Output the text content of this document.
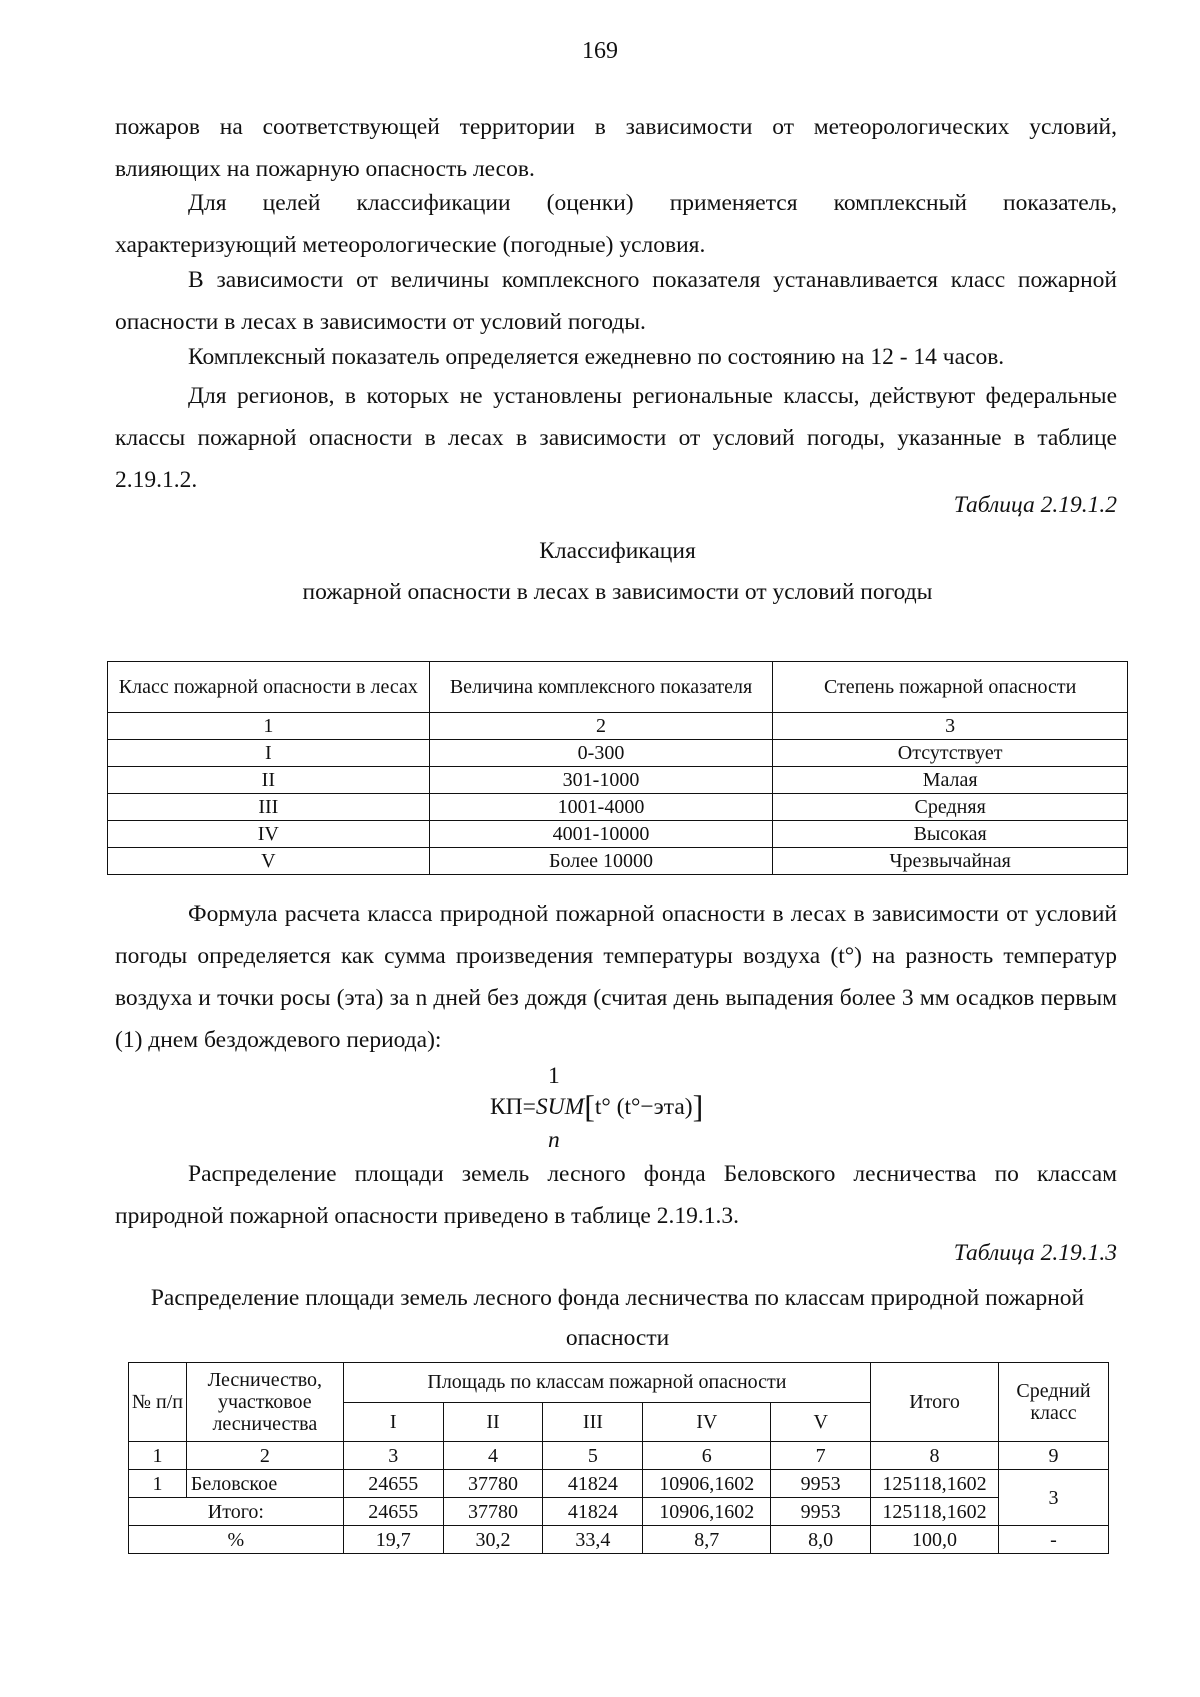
169

пожаров на соответствующей территории в зависимости от метеорологических условий, влияющих на пожарную опасность лесов.

Для целей классификации (оценки) применяется комплексный показатель, характеризующий метеорологические (погодные) условия.

В зависимости от величины комплексного показателя устанавливается класс пожарной опасности в лесах в зависимости от условий погоды.

Комплексный показатель определяется ежедневно по состоянию на 12 - 14 часов.

Для регионов, в которых не установлены региональные классы, действуют федеральные классы пожарной опасности в лесах в зависимости от условий погоды, указанные в таблице 2.19.1.2.

Таблица 2.19.1.2
Классификация
пожарной опасности в лесах в зависимости от условий погоды
Класс пожарной опасности в лесах	Величина комплексного показателя	Степень пожарной опасности
1	2	3
I	0-300	Отсутствует
II	301-1000	Малая
III	1001-4000	Средняя
IV	4001-10000	Высокая
V	Более 10000	Чрезвычайная

Формула расчета класса природной пожарной опасности в лесах в зависимости от условий погоды определяется как сумма произведения температуры воздуха (t°) на разность температур воздуха и точки росы (эта) за n дней без дождя (считая день выпадения более 3 мм осадков первым (1) днем бездождевого периода):

1
КП=SUM[t° (t°−эта)]
n

Распределение площади земель лесного фонда Беловского лесничества по классам природной пожарной опасности приведено в таблице 2.19.1.3.

Таблица 2.19.1.3
Распределение площади земель лесного фонда лесничества по классам природной пожарной
опасности
№ п/п	Лесничество, участковое лесничества	Площадь по классам пожарной опасности					Итого	Средний класс
		I	II	III	IV	V		
1	2	3	4	5	6	7	8	9
1	Беловское	24655	37780	41824	10906,1602	9953	125118,1602	3
Итого:		24655	37780	41824	10906,1602	9953	125118,1602	
%		19,7	30,2	33,4	8,7	8,0	100,0	-
